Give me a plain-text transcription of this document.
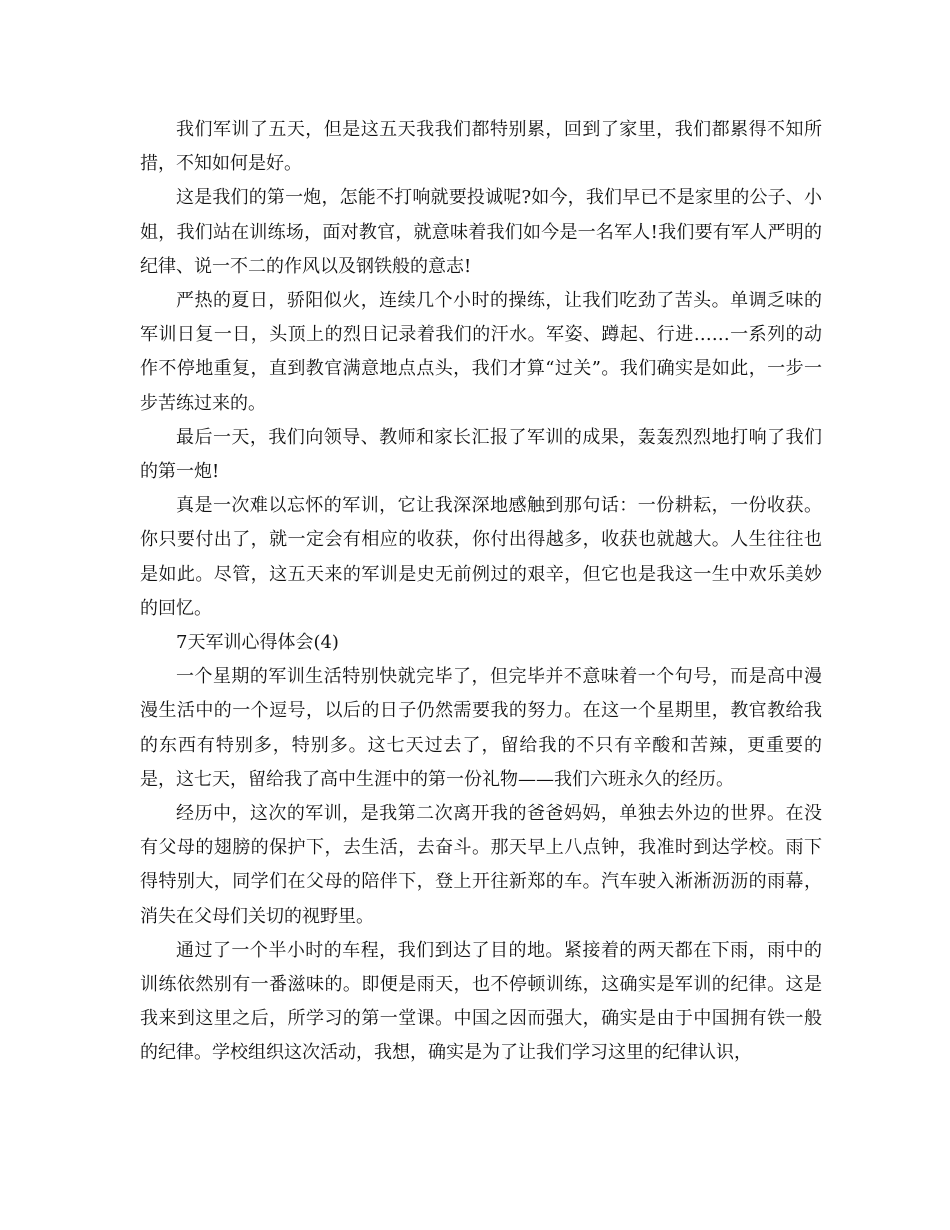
我们军训了五天，但是这五天我我们都特别累，回到了家里，我们都累得不知所措，不知如何是好。

这是我们的第一炮，怎能不打响就要投诚呢?如今，我们早已不是家里的公子、小姐，我们站在训练场，面对教官，就意味着我们如今是一名军人!我们要有军人严明的纪律、说一不二的作风以及钢铁般的意志!

严热的夏日，骄阳似火，连续几个小时的操练，让我们吃劲了苦头。单调乏味的军训日复一日，头顶上的烈日记录着我们的汗水。军姿、蹲起、行进……一系列的动作不停地重复，直到教官满意地点点头，我们才算“过关”。我们确实是如此，一步一步苦练过来的。

最后一天，我们向领导、教师和家长汇报了军训的成果，轰轰烈烈地打响了我们的第一炮!

真是一次难以忘怀的军训，它让我深深地感触到那句话：一份耕耘，一份收获。你只要付出了，就一定会有相应的收获，你付出得越多，收获也就越大。人生往往也是如此。尽管，这五天来的军训是史无前例过的艰辛，但它也是我这一生中欢乐美妙的回忆。

7天军训心得体会(4)

一个星期的军训生活特别快就完毕了，但完毕并不意味着一个句号，而是高中漫漫生活中的一个逗号，以后的日子仍然需要我的努力。在这一个星期里，教官教给我的东西有特别多，特别多。这七天过去了，留给我的不只有辛酸和苦辣，更重要的是，这七天，留给我了高中生涯中的第一份礼物——我们六班永久的经历。

经历中，这次的军训，是我第二次离开我的爸爸妈妈，单独去外边的世界。在没有父母的翅膀的保护下，去生活，去奋斗。那天早上八点钟，我准时到达学校。雨下得特别大，同学们在父母的陪伴下，登上开往新郑的车。汽车驶入淅淅沥沥的雨幕，消失在父母们关切的视野里。

通过了一个半小时的车程，我们到达了目的地。紧接着的两天都在下雨，雨中的训练依然别有一番滋味的。即便是雨天，也不停顿训练，这确实是军训的纪律。这是我来到这里之后，所学习的第一堂课。中国之因而强大，确实是由于中国拥有铁一般的纪律。学校组织这次活动，我想，确实是为了让我们学习这里的纪律认识，
